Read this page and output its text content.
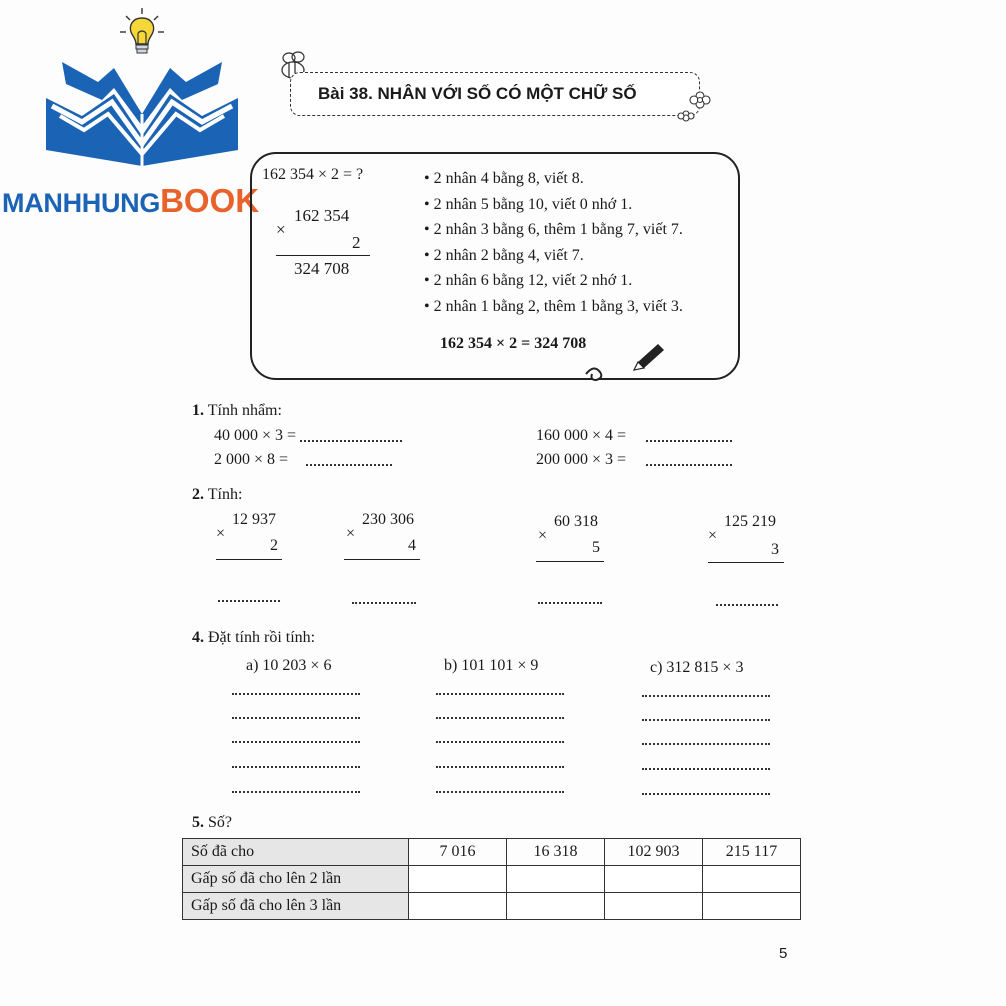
MANHHUNGBOOK
Bài 38. NHÂN VỚI SỐ CÓ MỘT CHỮ SỐ
162 354 × 2 = ?
162 354
×
2
324 708
• 2 nhân 4 bằng 8, viết 8.
• 2 nhân 5 bằng 10, viết 0 nhớ 1.
• 2 nhân 3 bằng 6, thêm 1 bằng 7, viết 7.
• 2 nhân 2 bằng 4, viết 7.
• 2 nhân 6 bằng 12, viết 2 nhớ 1.
• 2 nhân 1 bằng 2, thêm 1 bằng 3, viết 3.
162 354 × 2 = 324 708
1. Tính nhẩm:
40 000 × 3 =
2 000 × 8 =
160 000 × 4 =
200 000 × 3 =
2. Tính:
12 937
×
2
230 306
×
4
60 318
×
5
125 219
×
3
4. Đặt tính rồi tính:
a) 10 203 × 6	b) 101 101 × 9	c) 312 815 × 3
5. Số?
Số đã cho	7 016	16 318	102 903	215 117
Gấp số đã cho lên 2 lần				
Gấp số đã cho lên 3 lần				
5
